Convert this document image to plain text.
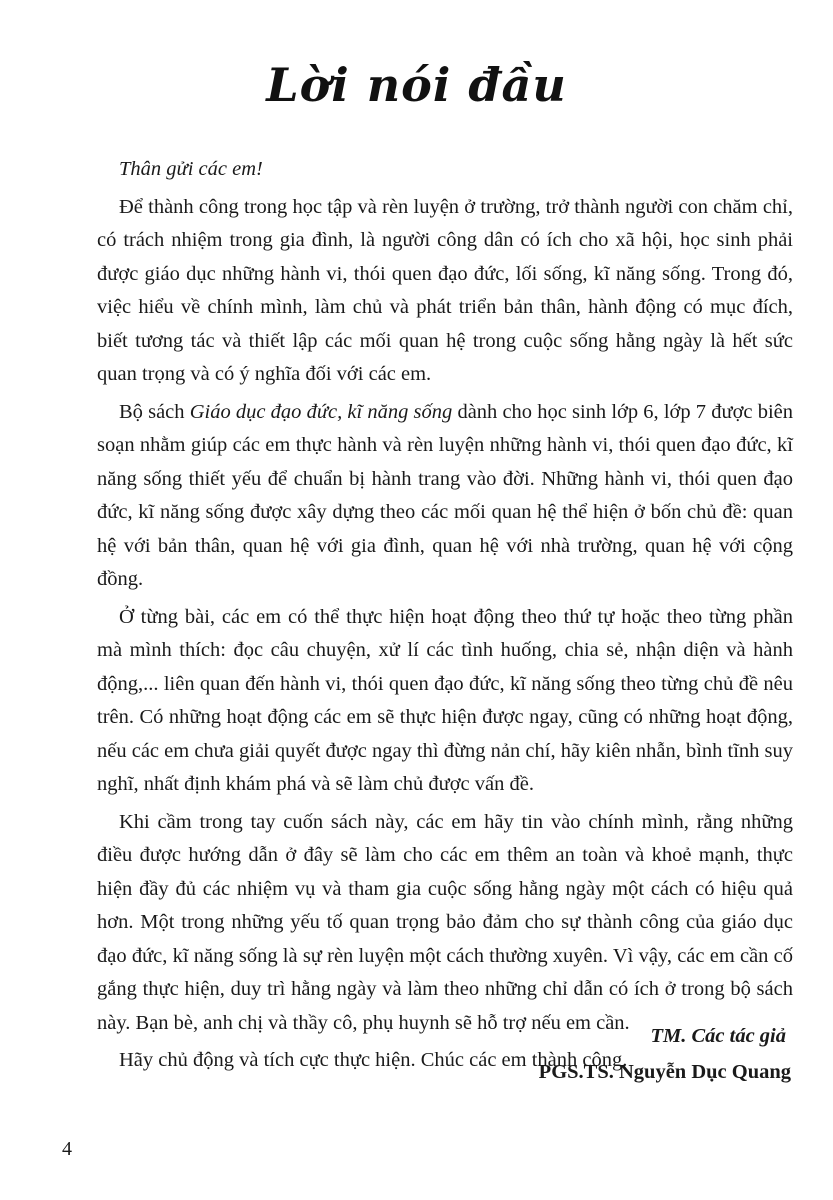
Lời nói đầu

Thân gửi các em!

Để thành công trong học tập và rèn luyện ở trường, trở thành người con chăm chỉ, có trách nhiệm trong gia đình, là người công dân có ích cho xã hội, học sinh phải được giáo dục những hành vi, thói quen đạo đức, lối sống, kĩ năng sống. Trong đó, việc hiểu về chính mình, làm chủ và phát triển bản thân, hành động có mục đích, biết tương tác và thiết lập các mối quan hệ trong cuộc sống hằng ngày là hết sức quan trọng và có ý nghĩa đối với các em.

Bộ sách Giáo dục đạo đức, kĩ năng sống dành cho học sinh lớp 6, lớp 7 được biên soạn nhằm giúp các em thực hành và rèn luyện những hành vi, thói quen đạo đức, kĩ năng sống thiết yếu để chuẩn bị hành trang vào đời. Những hành vi, thói quen đạo đức, kĩ năng sống được xây dựng theo các mối quan hệ thể hiện ở bốn chủ đề: quan hệ với bản thân, quan hệ với gia đình, quan hệ với nhà trường, quan hệ với cộng đồng.

Ở từng bài, các em có thể thực hiện hoạt động theo thứ tự hoặc theo từng phần mà mình thích: đọc câu chuyện, xử lí các tình huống, chia sẻ, nhận diện và hành động,... liên quan đến hành vi, thói quen đạo đức, kĩ năng sống theo từng chủ đề nêu trên. Có những hoạt động các em sẽ thực hiện được ngay, cũng có những hoạt động, nếu các em chưa giải quyết được ngay thì đừng nản chí, hãy kiên nhẫn, bình tĩnh suy nghĩ, nhất định khám phá và sẽ làm chủ được vấn đề.

Khi cầm trong tay cuốn sách này, các em hãy tin vào chính mình, rằng những điều được hướng dẫn ở đây sẽ làm cho các em thêm an toàn và khoẻ mạnh, thực hiện đầy đủ các nhiệm vụ và tham gia cuộc sống hằng ngày một cách có hiệu quả hơn. Một trong những yếu tố quan trọng bảo đảm cho sự thành công của giáo dục đạo đức, kĩ năng sống là sự rèn luyện một cách thường xuyên. Vì vậy, các em cần cố gắng thực hiện, duy trì hằng ngày và làm theo những chỉ dẫn có ích ở trong bộ sách này. Bạn bè, anh chị và thầy cô, phụ huynh sẽ hỗ trợ nếu em cần.

Hãy chủ động và tích cực thực hiện. Chúc các em thành công.

TM. Các tác giả
PGS.TS. Nguyễn Dục Quang
4
